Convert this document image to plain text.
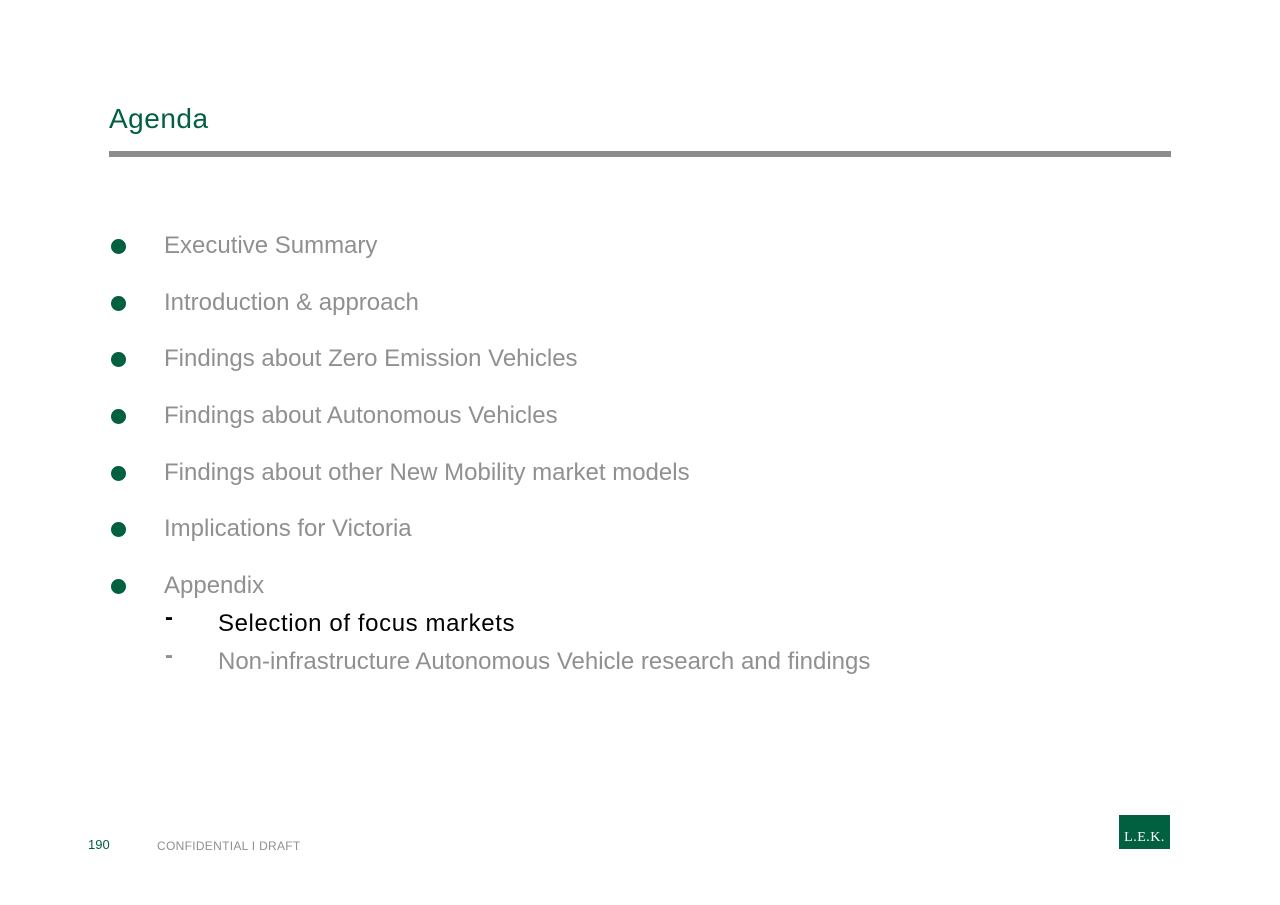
Agenda
Executive Summary
Introduction & approach
Findings about Zero Emission Vehicles
Findings about Autonomous Vehicles
Findings about other New Mobility market models
Implications for Victoria
Appendix
- Selection of focus markets
- Non-infrastructure Autonomous Vehicle research and findings
190	CONFIDENTIAL I DRAFT
L.E.K.
